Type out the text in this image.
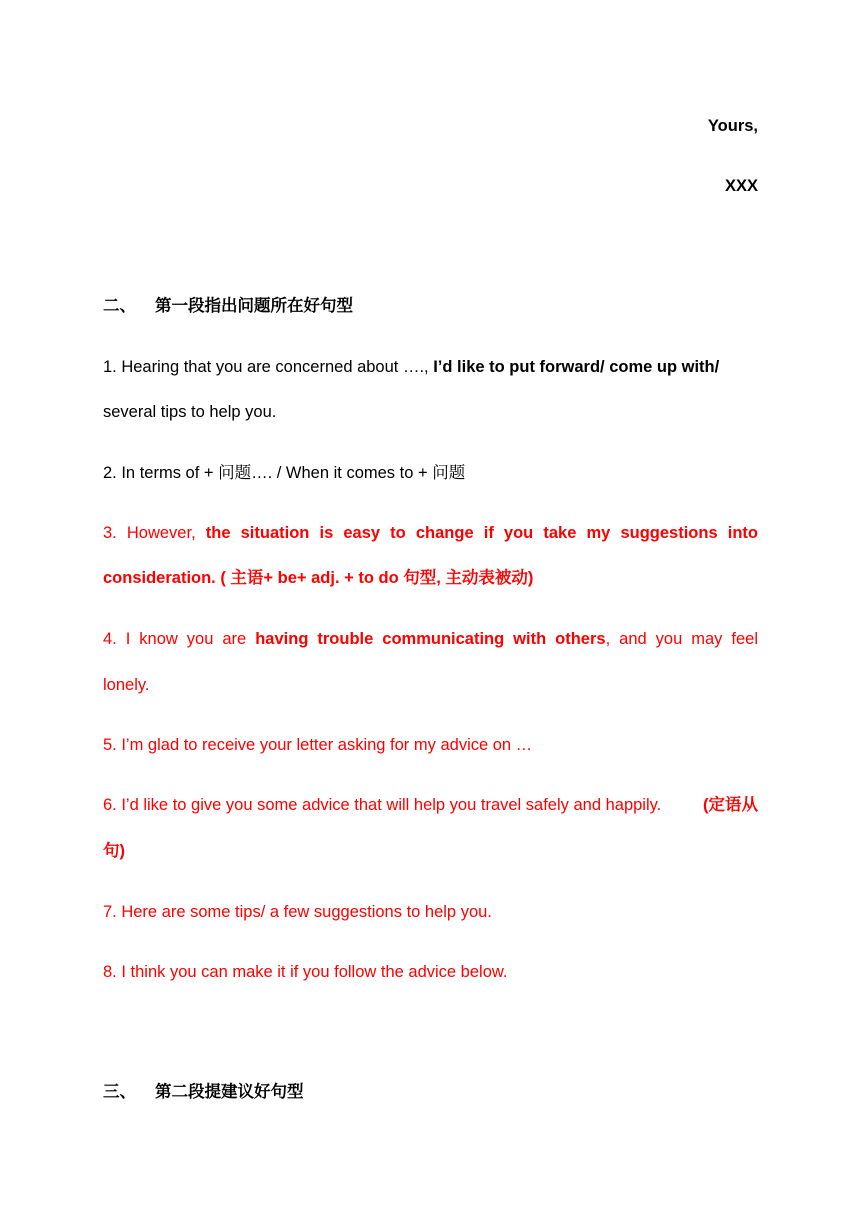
Yours,
XXX
二、 第一段指出问题所在好句型
1. Hearing that you are concerned about …., I’d like to put forward/ come up with/
several tips to help you.
2. In terms of + 问题…. / When it comes to + 问题
3. However, the situation is easy to change if you take my suggestions into
consideration. ( 主语+ be+ adj. + to do 句型, 主动表被动)
4. I know you are having trouble communicating with others, and you may feel
lonely.
5. I’m glad to receive your letter asking for my advice on …
6. I’d like to give you some advice that will help you travel safely and happily.	(定语从
句)
7. Here are some tips/ a few suggestions to help you.
8. I think you can make it if you follow the advice below.
三、 第二段提建议好句型
